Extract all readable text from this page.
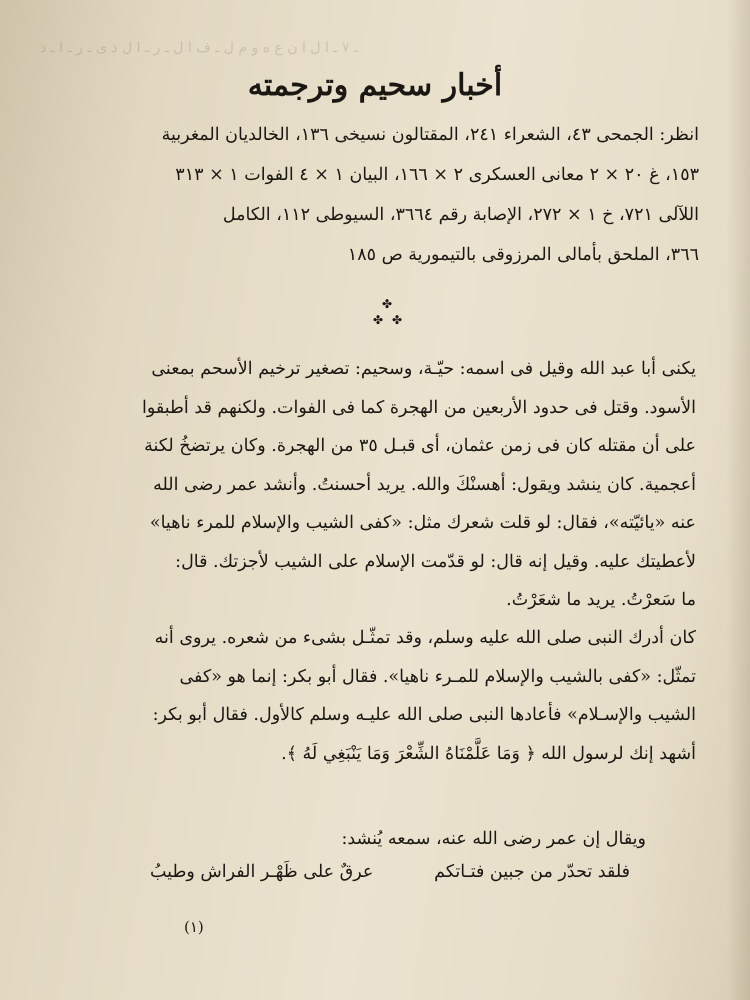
ـ ٧ ـ ا ل ا ن ع ه و م ل ـ ف ا ل ـ ر ـ ا ل ذ ى ـ ر ـ ا ـ ذ
أخبار سحيم وترجمته
انظر: الجمحى ٤٣، الشعراء ٢٤١، المقتالون نسيخى ١٣٦، الخالديان المغربية
١٥٣، غ ٢٠ × ٢ معانى العسكرى ٢ × ١٦٦، البيان ١ × ٤ الفوات ١ × ٣١٣
اللآلى ٧٢١، خ ١ × ٢٧٢، الإصابة رقم ٣٦٦٤، السيوطى ١١٢، الكامل
٣٦٦، الملحق بأمالى المرزوقى بالتيمورية ص ١٨٥
✤
✤ ✤
يكنى أبا عبد الله وقيل فى اسمه: حيّـة، وسحيم: تصغير ترخيم الأسحم بمعنى
الأسود. وقتل فى حدود الأربعين من الهجرة كما فى الفوات. ولكنهم قد أطبقوا
على أن مقتله كان فى زمن عثمان، أى قبـل ٣٥ من الهجرة. وكان يرتضخُ لكنة
أعجمية. كان ينشد ويقول: أهسنْكَ والله. يريد أحسنتُ. وأنشد عمر رضى الله
عنه «يائيّته»، فقال: لو قلت شعرك مثل: «كفى الشيب والإسلام للمرء ناهيا»
لأعطيتك عليه. وقيل إنه قال: لو قدّمت الإسلام على الشيب لأجزتك. قال:
ما سَعرْتُ. يريد ما شعَرْتُ.
كان أدرك النبى صلى الله عليه وسلم، وقد تمثّـل بشىء من شعره. يروى أنه
تمثّل: «كفى بالشيب والإسلام للمـرء ناهيا». فقال أبو بكر: إنما هو «كفى
الشيب والإسـلام» فأعادها النبى صلى الله عليـه وسلم كالأول. فقال أبو بكر:
أشهد إنك لرسول الله ﴿ وَمَا عَلَّمْنَاهُ الشِّعْرَ وَمَا يَنْبَغِي لَهُ ﴾.
ويقال إن عمر رضى الله عنه، سمعه يُنشد:
فلقد تحدّر من جبين فتـاتكم
عرقٌ على ظَهْـر الفراش وطيبُ
(١)
